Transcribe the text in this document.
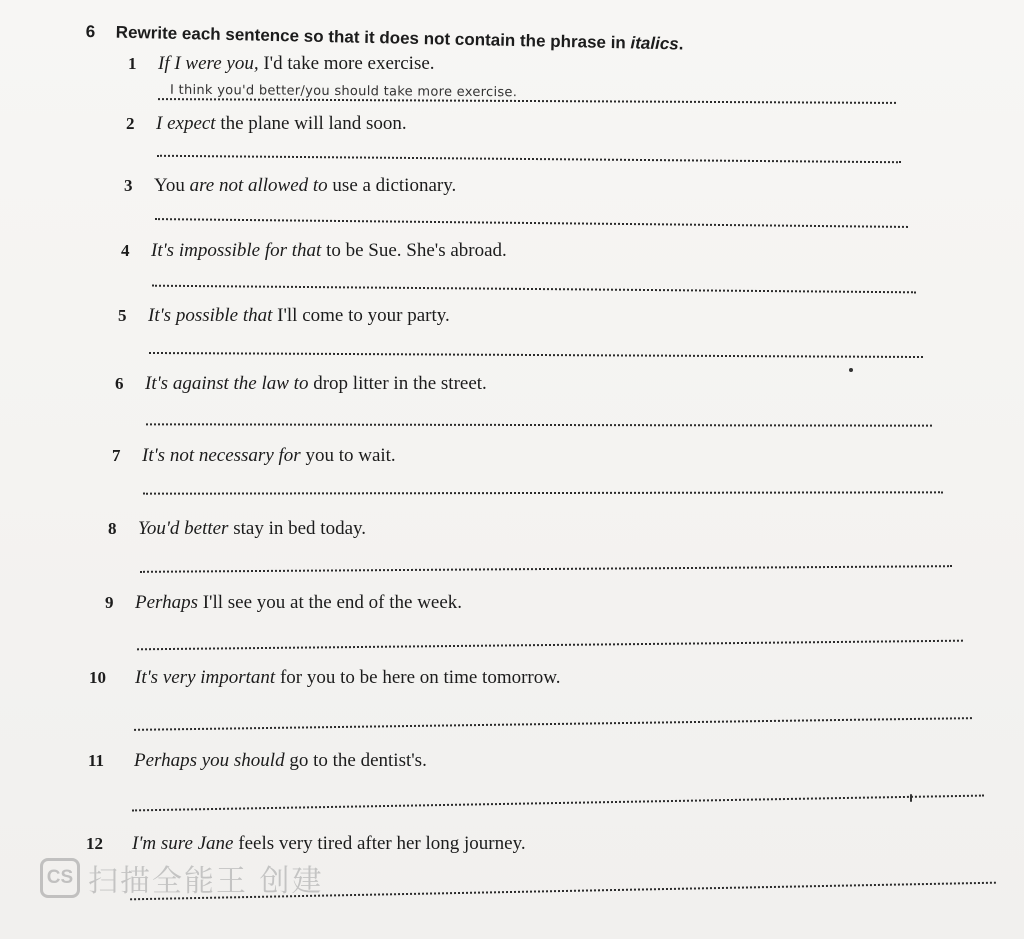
6 Rewrite each sentence so that it does not contain the phrase in italics.
1 If I were you, I'd take more exercise.
I think you'd better/you should take more exercise.
2 I expect the plane will land soon.
3 You are not allowed to use a dictionary.
4 It's impossible for that to be Sue. She's abroad.
5 It's possible that I'll come to your party.
6 It's against the law to drop litter in the street.
7 It's not necessary for you to wait.
8 You'd better stay in bed today.
9 Perhaps I'll see you at the end of the week.
10 It's very important for you to be here on time tomorrow.
11 Perhaps you should go to the dentist's.
12 I'm sure Jane feels very tired after her long journey.
CS 扫描全能王 创建
